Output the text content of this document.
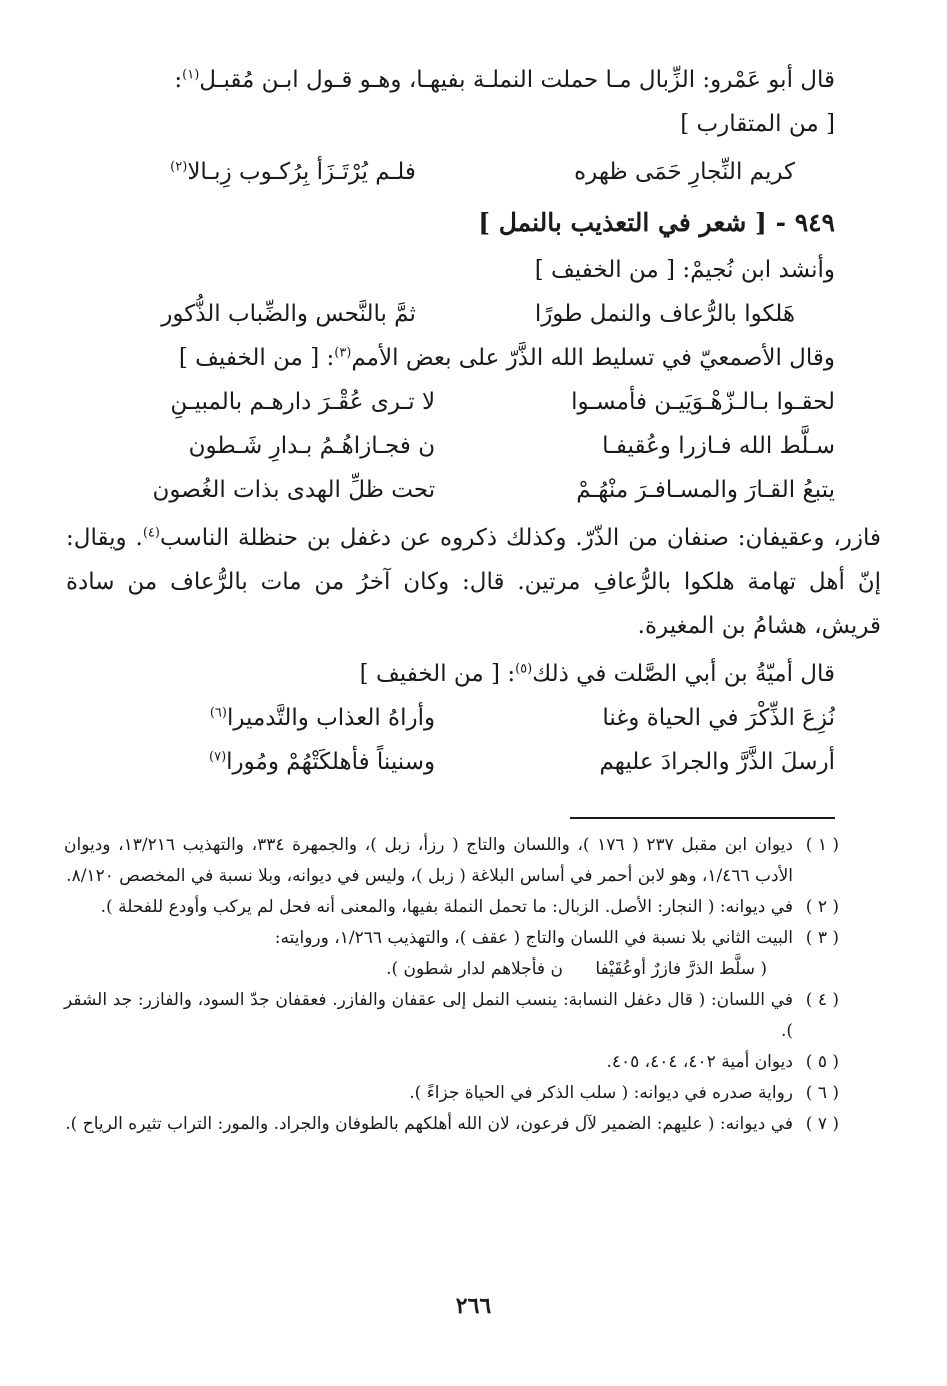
قال أبو عَمْرو: الزِّبال مـا حملت النملـة بفيهـا، وهـو قـول ابـن مُقبـل$^{(١)}$:
[ من المتقارب ]
كريم النِّجارِ حَمَى ظهره
فلـم يُرْتَـزَأ بِرُكـوب زِبـالا$^{(٢)}$
٩٤٩ - [ شعر في التعذيب بالنمل ]
وأنشد ابن نُجيمْ: [ من الخفيف ]
هَلكوا بالرُّعاف والنمل طورًا
ثمَّ بالنَّحس والضِّباب الذُّكور
وقال الأصمعيّ في تسليط الله الذَّرّ على بعض الأمم$^{(٣)}$: [ من الخفيف ]
لحقـوا بـالـزّهْـوَيَيـن فأمسـوا
لا تـرى عُقْـرَ دارهـم بالمبيـنِ
سـلَّط الله فـازرا وعُقيفـا
ن فجـازاهُـمُ بـدارِ شَـطون
يتبعُ القـارَ والمسـافـرَ منْهُـمْ
تحت ظلِّ الهدى بذات الغُصون
فازر، وعقيفان: صنفان من الذّرّ. وكذلك ذكروه عن دغفل بن حنظلة الناسب$^{(٤)}$. ويقال: إنّ أهل تهامة هلكوا بالرُّعافِ مرتين. قال: وكان آخرُ من مات بالرُّعاف من سادة قريش، هشامُ بن المغيرة.
قال أميّةُ بن أبي الصَّلت في ذلك$^{(٥)}$: [ من الخفيف ]
نُزِعَ الذِّكْرَ في الحياة وغنا
وأراهُ العذاب والتَّدميرا$^{(٦)}$
أرسلَ الذَّرَّ والجرادَ عليهم
وسنيناً فأهلكَتْهُمْ ومُورا$^{(٧)}$
( ١ )
ديوان ابن مقبل ٢٣٧ ( ١٧٦ )، واللسان والتاج ( رزأ، زبل )، والجمهرة ٣٣٤، والتهذيب ١٣/٢١٦، وديوان الأدب ١/٤٦٦، وهو لابن أحمر في أساس البلاغة ( زبل )، وليس في ديوانه، وبلا نسبة في المخصص ٨/١٢٠.
( ٢ )
في ديوانه: ( النجار: الأصل. الزبال: ما تحمل النملة بفيها، والمعنى أنه فحل لم يركب وأودع للفحلة ).
( ٣ )
البيت الثاني بلا نسبة في اللسان والتاج ( عقف )، والتهذيب ١/٢٦٦، وروايته:
( سلَّط الذرَّ فازرٌ أوعُقَيْفا      ن فأجلاهم لدار شطون ).
( ٤ )
في اللسان: ( قال دغفل النسابة: ينسب النمل إلى عقفان والفازر. فعقفان جدّ السود، والفازر: جد الشقر ).
( ٥ )
ديوان أمية ٤٠٢، ٤٠٤، ٤٠٥.
( ٦ )
رواية صدره في ديوانه: ( سلب الذكر في الحياة جزاءً ).
( ٧ )
في ديوانه: ( عليهم: الضمير لآل فرعون، لان الله أهلكهم بالطوفان والجراد. والمور: التراب تثيره الرياح ).
٢٦٦
